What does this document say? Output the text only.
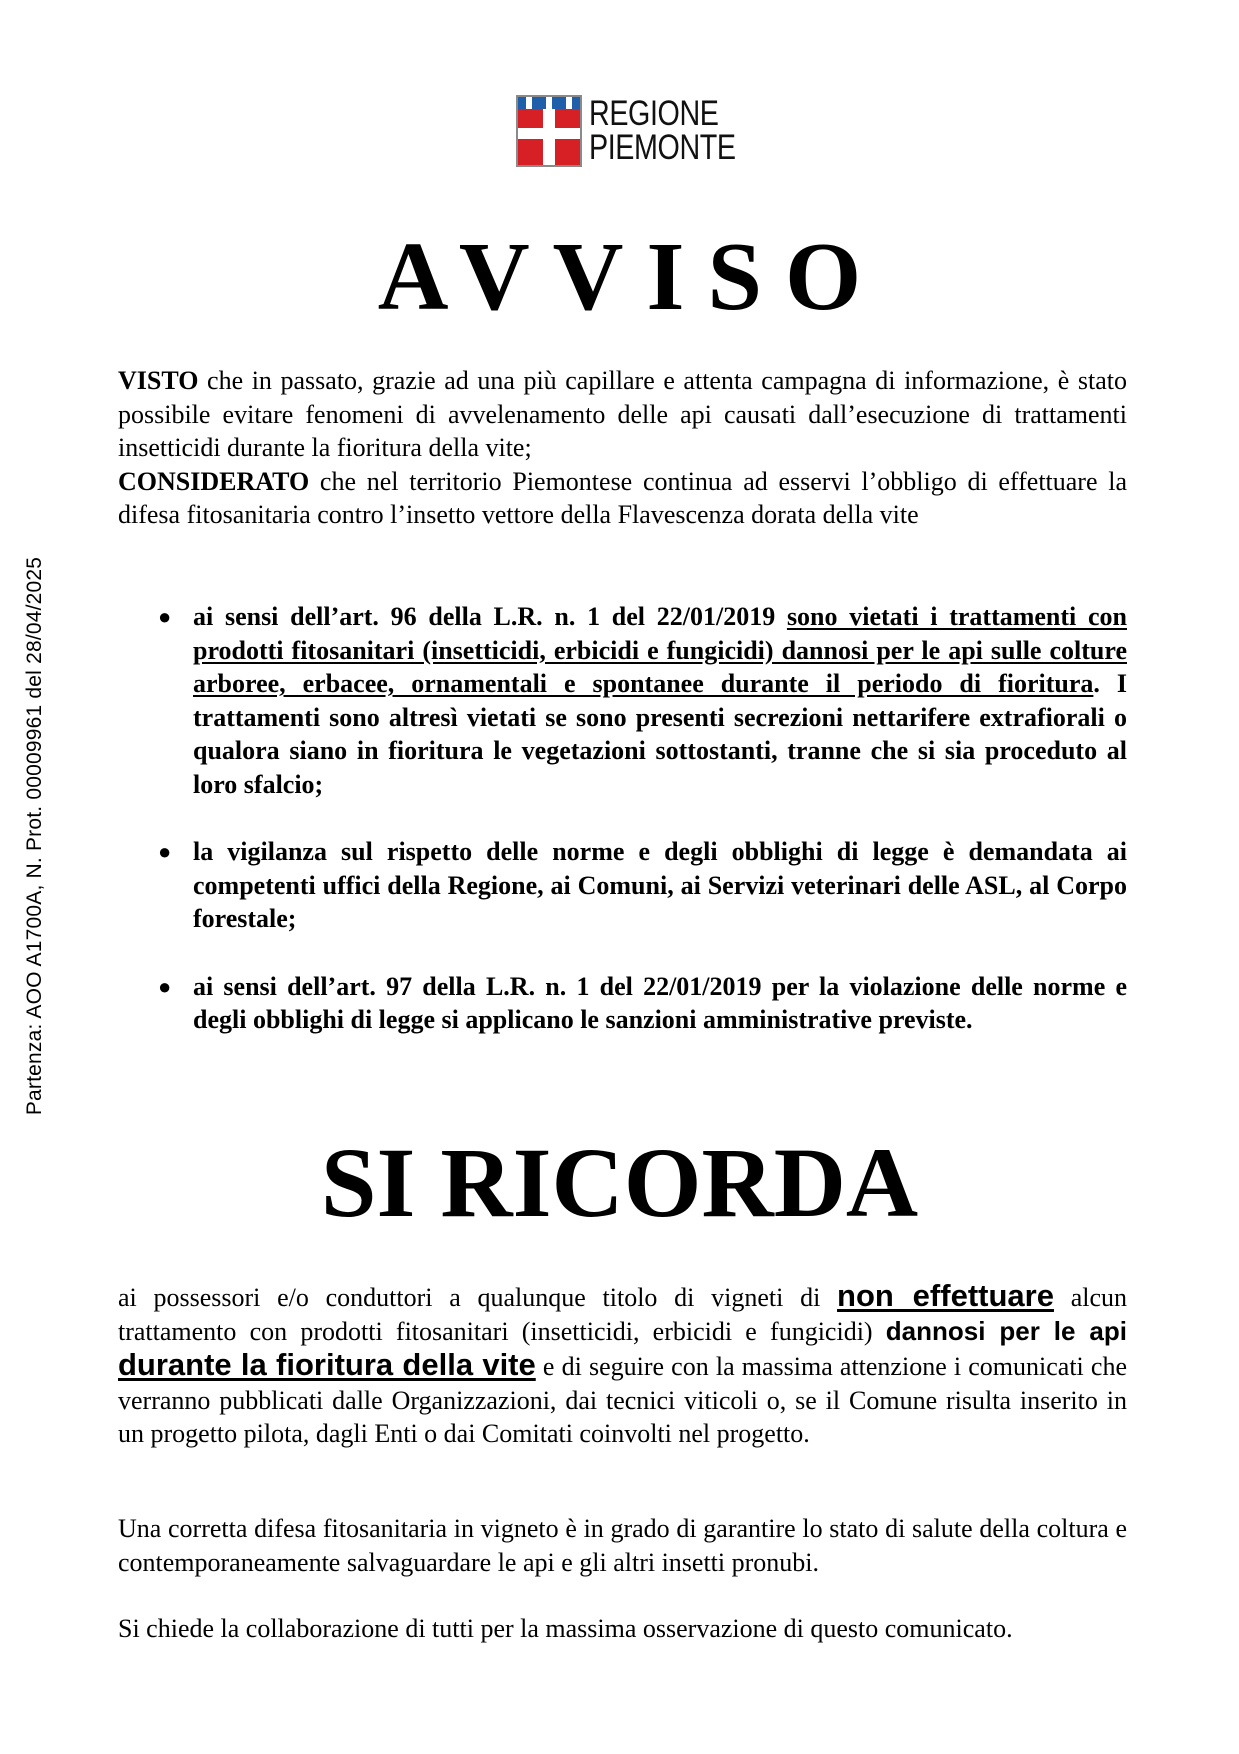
Partenza: AOO A1700A, N. Prot. 00009961 del 28/04/2025
REGIONE
PIEMONTE
AVVISO
VISTO che in passato, grazie ad una più capillare e attenta campagna di informazione, è stato possibile evitare fenomeni di avvelenamento delle api causati dall’esecuzione di trattamenti insetticidi durante la fioritura della vite;
CONSIDERATO che nel territorio Piemontese continua ad esservi l’obbligo di effettuare la difesa fitosanitaria contro l’insetto vettore della Flavescenza dorata della vite
● ai sensi dell’art. 96 della L.R. n. 1 del 22/01/2019 sono vietati i trattamenti con prodotti fitosanitari (insetticidi, erbicidi e fungicidi) dannosi per le api sulle colture arboree, erbacee, ornamentali e spontanee durante il periodo di fioritura. I trattamenti sono altresì vietati se sono presenti secrezioni nettarifere extrafiorali o qualora siano in fioritura le vegetazioni sottostanti, tranne che si sia proceduto al loro sfalcio;
● la vigilanza sul rispetto delle norme e degli obblighi di legge è demandata ai competenti uffici della Regione, ai Comuni, ai Servizi veterinari delle ASL, al Corpo forestale;
● ai sensi dell’art. 97 della L.R. n. 1 del 22/01/2019 per la violazione delle norme e degli obblighi di legge si applicano le sanzioni amministrative previste.
SI RICORDA
ai possessori e/o conduttori a qualunque titolo di vigneti di non effettuare alcun trattamento con prodotti fitosanitari (insetticidi, erbicidi e fungicidi) dannosi per le api durante la fioritura della vite e di seguire con la massima attenzione i comunicati che verranno pubblicati dalle Organizzazioni, dai tecnici viticoli o, se il Comune risulta inserito in un progetto pilota, dagli Enti o dai Comitati coinvolti nel progetto.
Una corretta difesa fitosanitaria in vigneto è in grado di garantire lo stato di salute della coltura e contemporaneamente salvaguardare le api e gli altri insetti pronubi.
Si chiede la collaborazione di tutti per la massima osservazione di questo comunicato.
